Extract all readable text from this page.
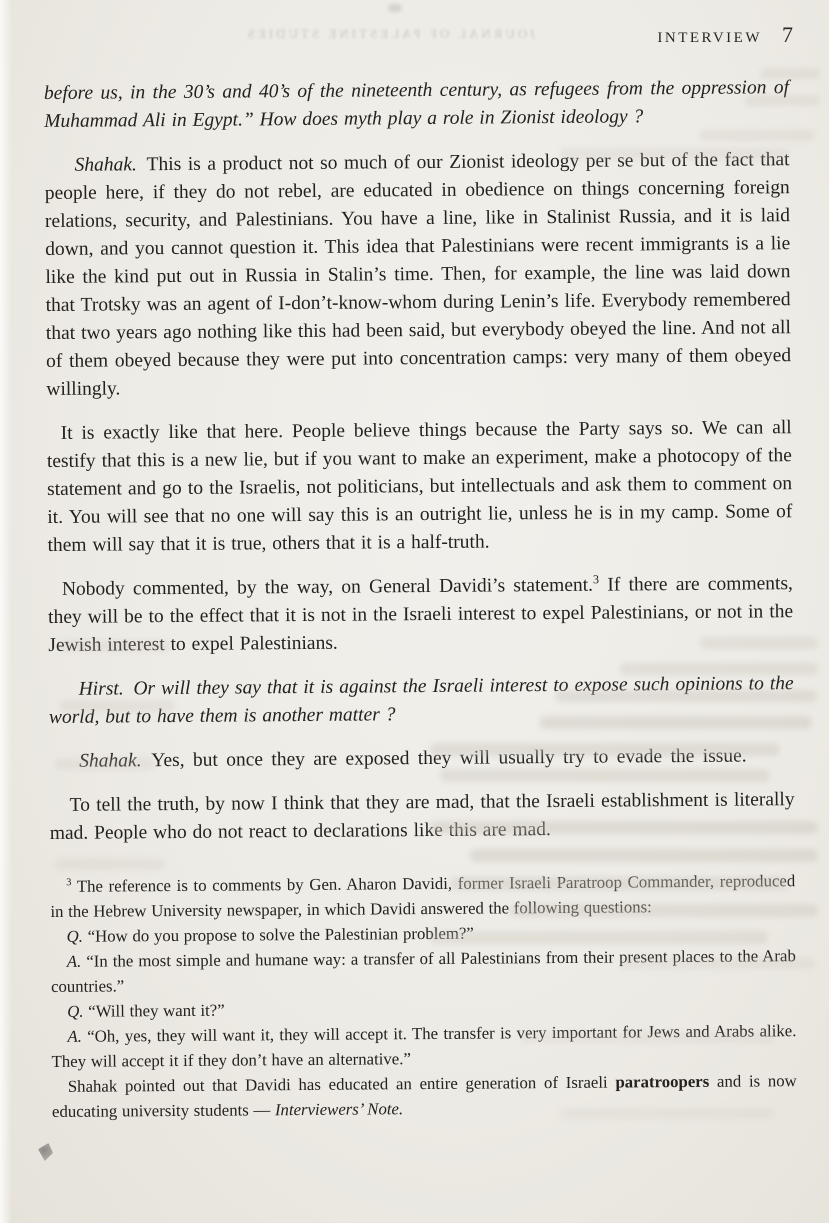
JOURNAL OF PALESTINE STUDIES	INTERVIEW 7

before us, in the 30’s and 40’s of the nineteenth century, as refugees from the oppression of Muhammad Ali in Egypt.” How does myth play a role in Zionist ideology ?

Shahak. This is a product not so much of our Zionist ideology per se but of the fact that people here, if they do not rebel, are educated in obedience on things concerning foreign relations, security, and Palestinians. You have a line, like in Stalinist Russia, and it is laid down, and you cannot question it. This idea that Palestinians were recent immigrants is a lie like the kind put out in Russia in Stalin’s time. Then, for example, the line was laid down that Trotsky was an agent of I-don’t-know-whom during Lenin’s life. Everybody remembered that two years ago nothing like this had been said, but everybody obeyed the line. And not all of them obeyed because they were put into concentration camps: very many of them obeyed willingly.

It is exactly like that here. People believe things because the Party says so. We can all testify that this is a new lie, but if you want to make an experiment, make a photocopy of the statement and go to the Israelis, not politicians, but intellectuals and ask them to comment on it. You will see that no one will say this is an outright lie, unless he is in my camp. Some of them will say that it is true, others that it is a half-truth.

Nobody commented, by the way, on General Davidi’s statement.$^3$ If there are comments, they will be to the effect that it is not in the Israeli interest to expel Palestinians, or not in the Jewish interest to expel Palestinians.

Hirst. Or will they say that it is against the Israeli interest to expose such opinions to the world, but to have them is another matter ?

Shahak. Yes, but once they are exposed they will usually try to evade the issue.

To tell the truth, by now I think that they are mad, that the Israeli establishment is literally mad. People who do not react to declarations like this are mad.

$^3$ The reference is to comments by Gen. Aharon Davidi, former Israeli Paratroop Commander, reproduced in the Hebrew University newspaper, in which Davidi answered the following questions:

Q. “How do you propose to solve the Palestinian problem?”

A. “In the most simple and humane way: a transfer of all Palestinians from their present places to the Arab countries.”

Q. “Will they want it?”

A. “Oh, yes, they will want it, they will accept it. The transfer is very important for Jews and Arabs alike. They will accept it if they don’t have an alternative.”

Shahak pointed out that Davidi has educated an entire generation of Israeli paratroopers and is now educating university students — Interviewers’ Note.
